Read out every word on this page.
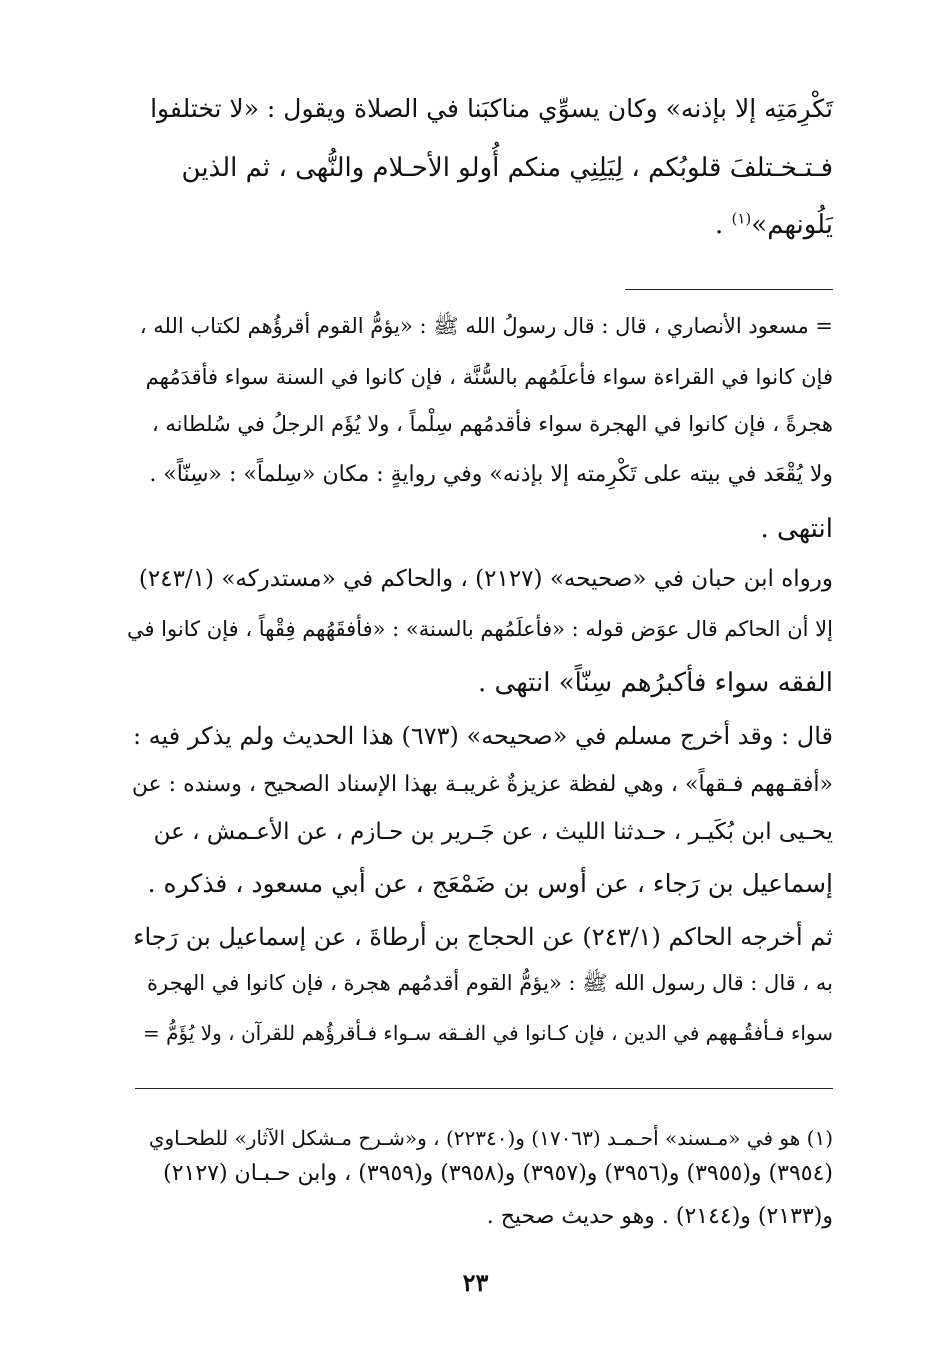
تَكْرِمَتِه إلا بإذنه» وكان يسوِّي مناكبَنا في الصلاة ويقول : «لا تختلفوا
فـتـخـتلفَ قلوبُكم ، لِيَلِنِي منكم أُولو الأحـلام والنُّهى ، ثم الذين
يَلُونهم»$^{(١)}$ .
= مسعود الأنصاري ، قال : قال رسولُ الله ﷺ : «يؤمُّ القوم أقرؤُهم لكتاب الله ،
فإن كانوا في القراءة سواء فأعلَمُهم بالسُّنَّة ، فإن كانوا في السنة سواء فأقدَمُهم
هجرةً ، فإن كانوا في الهجرة سواء فأقدمُهم سِلْماً ، ولا يُؤَم الرجلُ في سُلطانه ،
ولا يُقْعَد في بيته على تَكْرِمته إلا بإذنه» وفي روايةٍ : مكان «سِلماً» : «سِنّاً» .
انتهى .
ورواه ابن حبان في «صحيحه» (٢١٢٧) ، والحاكم في «مستدركه» (٢٤٣/١)
إلا أن الحاكم قال عوَض قوله : «فأعلَمُهم بالسنة» : «فأفقَهُهم فِقْهاً ، فإن كانوا في
الفقه سواء فأكبرُهم سِنّاً» انتهى .
قال : وقد أخرج مسلم في «صحيحه» (٦٧٣) هذا الحديث ولم يذكر فيه :
«أفقـههم فـقهاً» ، وهي لفظة عزيزةٌ غريبـة بهذا الإسناد الصحيح ، وسنده : عن
يحـيى ابن بُكَيـر ، حـدثنا الليث ، عن جَـرير بن حـازم ، عن الأعـمش ، عن
إسماعيل بن رَجاء ، عن أوس بن ضَمْعَج ، عن أبي مسعود ، فذكره .
ثم أخرجه الحاكم (٢٤٣/١) عن الحجاج بن أرطاةَ ، عن إسماعيل بن رَجاء
به ، قال : قال رسول الله ﷺ : «يؤمُّ القوم أقدمُهم هجرة ، فإن كانوا في الهجرة
سواء فـأفقُـههم في الدين ، فإن كـانوا في الفـقه سـواء فـأقرؤُهم للقرآن ، ولا يُؤَمُّ =
(١) هو في «مـسند» أحـمـد (١٧٠٦٣) و(٢٢٣٤٠) ، و«شـرح مـشكل الآثار» للطحـاوي
(٣٩٥٤) و(٣٩٥٥) و(٣٩٥٦) و(٣٩٥٧) و(٣٩٥٨) و(٣٩٥٩) ، وابن حـبـان (٢١٢٧)
و(٢١٣٣) و(٢١٤٤) . وهو حديث صحيح .
٢٣
